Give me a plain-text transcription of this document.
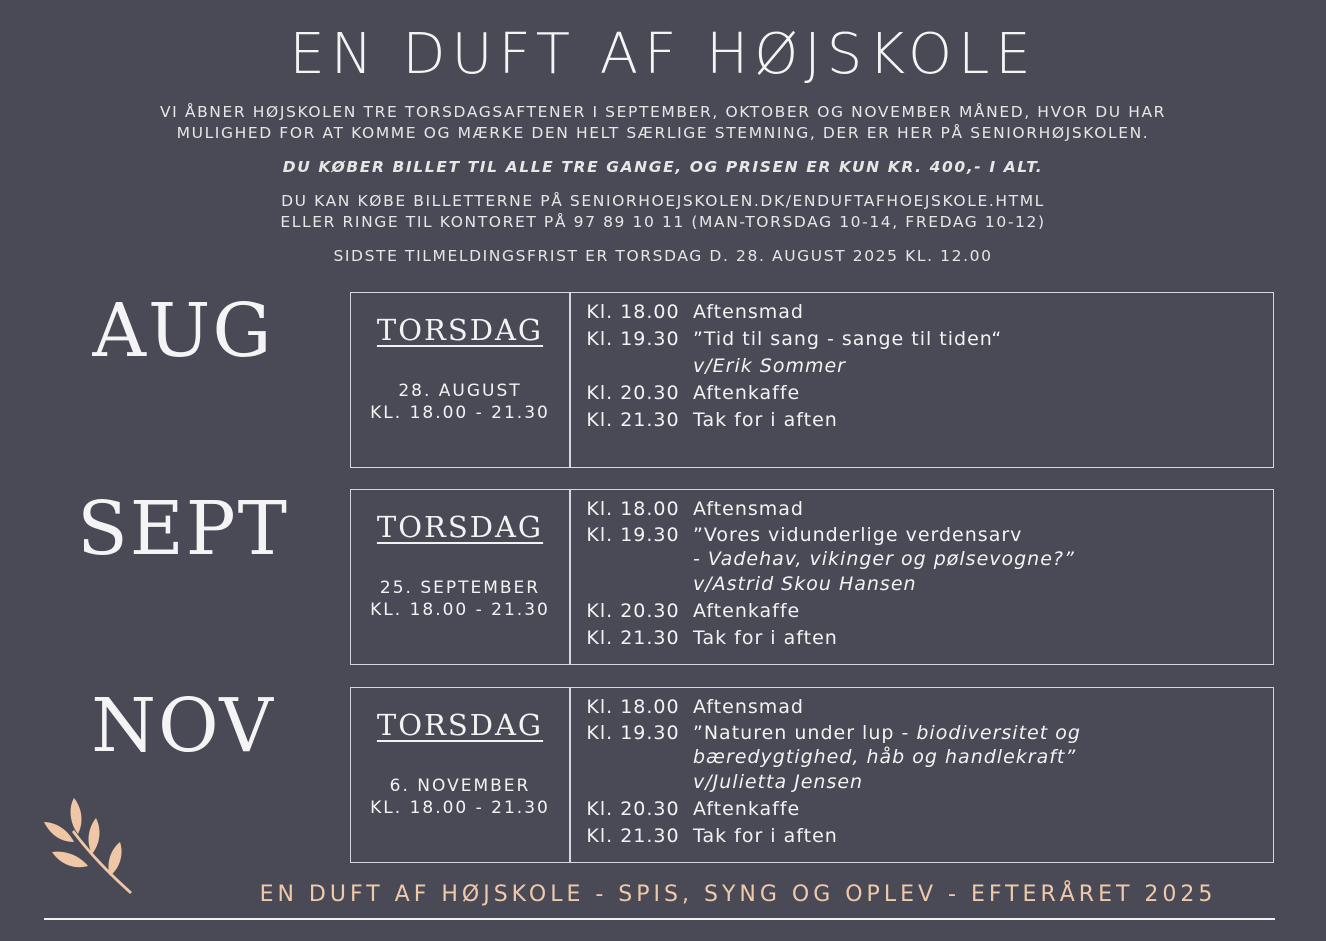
EN DUFT AF HØJSKOLE

VI ÅBNER HØJSKOLEN TRE TORSDAGSAFTENER I SEPTEMBER, OKTOBER OG NOVEMBER MÅNED, HVOR DU HAR

MULIGHED FOR AT KOMME OG MÆRKE DEN HELT SÆRLIGE STEMNING, DER ER HER PÅ SENIORHØJSKOLEN.

DU KØBER BILLET TIL ALLE TRE GANGE, OG PRISEN ER KUN KR. 400,- I ALT.

DU KAN KØBE BILLETTERNE PÅ SENIORHOEJSKOLEN.DK/ENDUFTAFHOEJSKOLE.HTML

ELLER RINGE TIL KONTORET PÅ 97 89 10 11 (MAN-TORSDAG 10-14, FREDAG 10-12)

SIDSTE TILMELDINGSFRIST ER TORSDAG D. 28. AUGUST 2025 KL. 12.00

AUG	TORSDAG
28. AUGUST
KL. 18.00 - 21.30
Kl. 18.00 Aftensmad
Kl. 19.30 ”Tid til sang - sange til tiden“
v/Erik Sommer
Kl. 20.30 Aftenkaffe
Kl. 21.30 Tak for i aften
SEPT	TORSDAG
25. SEPTEMBER
KL. 18.00 - 21.30
Kl. 18.00 Aftensmad
Kl. 19.30 ”Vores vidunderlige verdensarv
- Vadehav, vikinger og pølsevogne?”
v/Astrid Skou Hansen
Kl. 20.30 Aftenkaffe
Kl. 21.30 Tak for i aften
NOV	TORSDAG
6. NOVEMBER
KL. 18.00 - 21.30
Kl. 18.00 Aftensmad
Kl. 19.30 ”Naturen under lup - biodiversitet og
bæredygtighed, håb og handlekraft”
v/Julietta Jensen
Kl. 20.30 Aftenkaffe
Kl. 21.30 Tak for i aften
EN DUFT AF HØJSKOLE - SPIS, SYNG OG OPLEV - EFTERÅRET 2025
